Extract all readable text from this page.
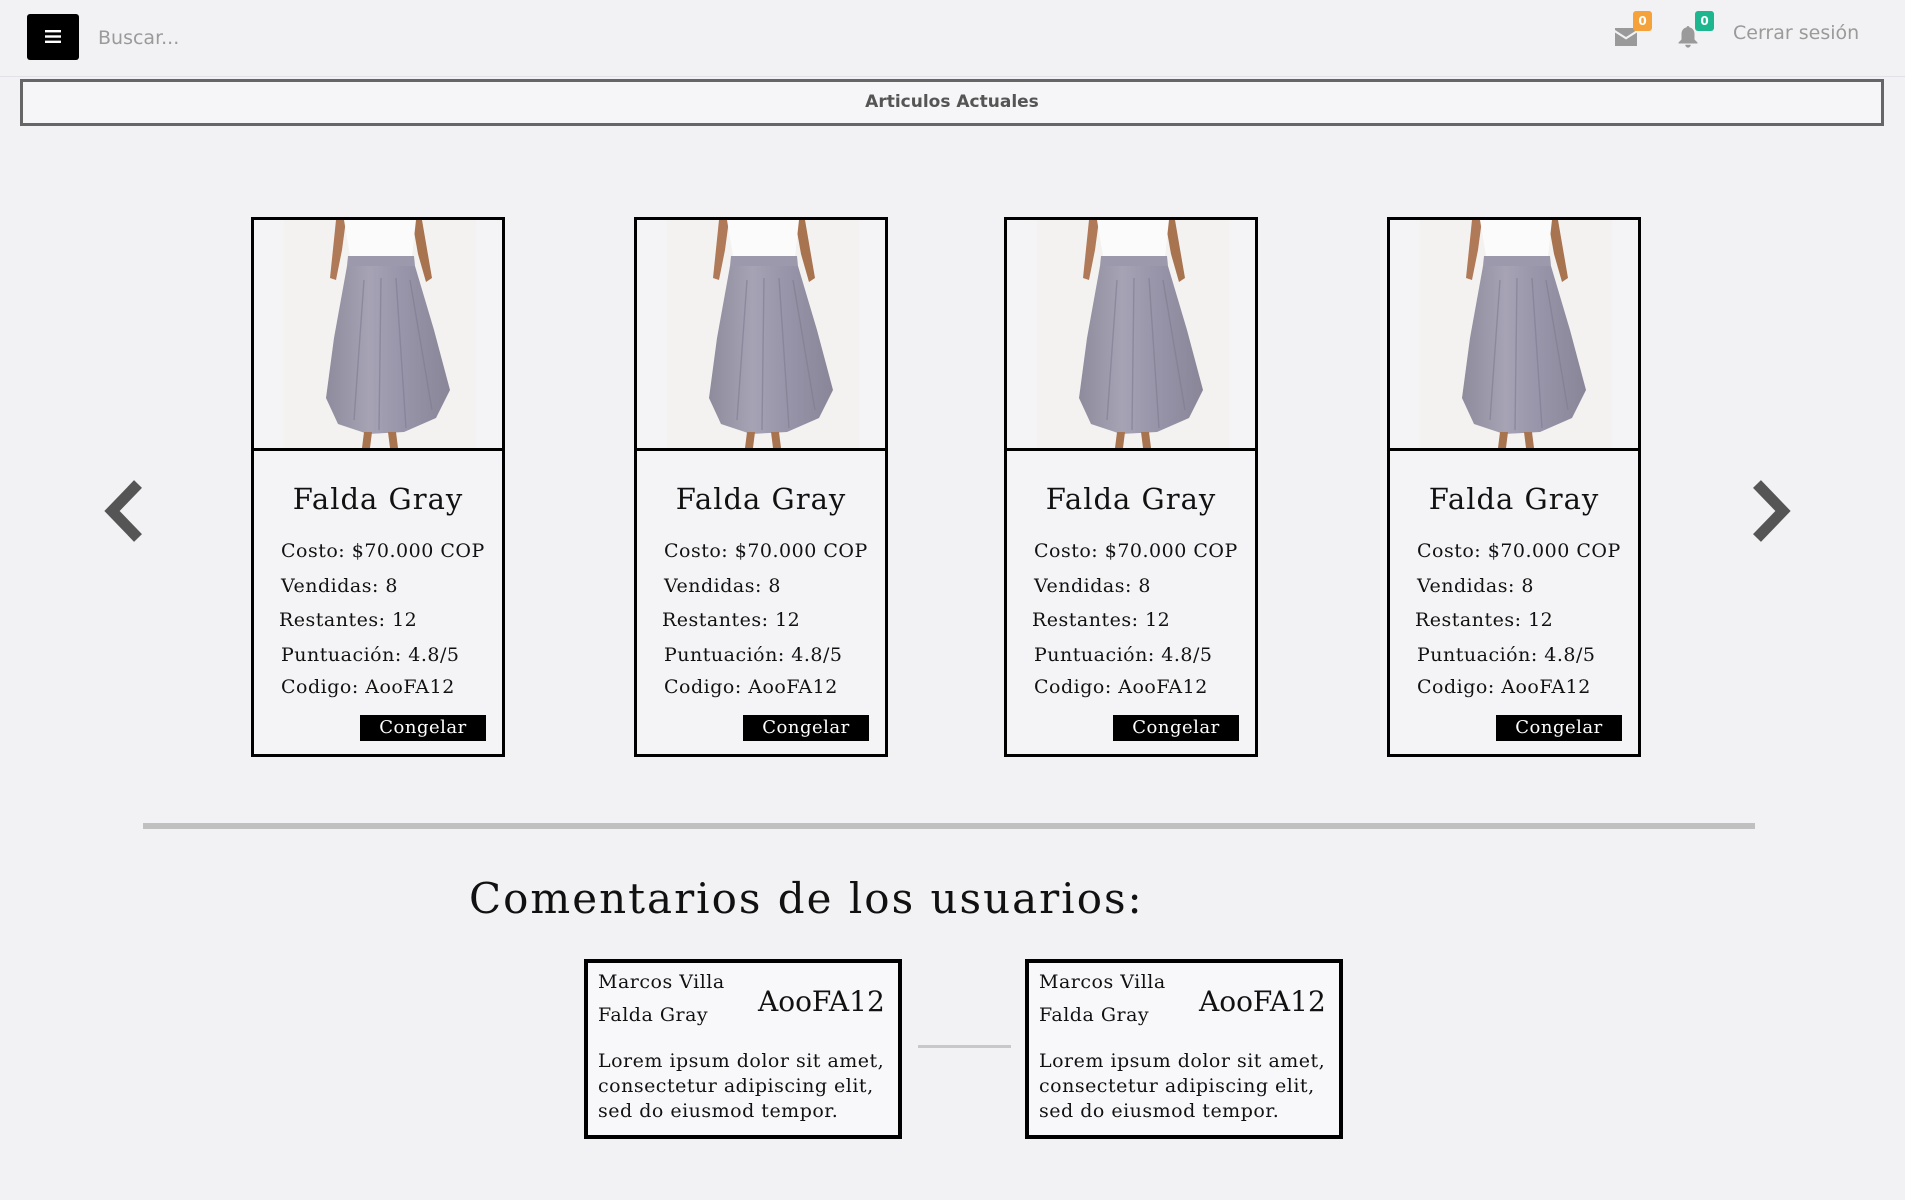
Buscar...
0	0
Cerrar sesión
Articulos Actuales
Falda Gray
Costo: $70.000 COP
Vendidas: 8
Restantes: 12
Puntuación: 4.8/5
Codigo: AooFA12
Congelar
Falda Gray
Costo: $70.000 COP
Vendidas: 8
Restantes: 12
Puntuación: 4.8/5
Codigo: AooFA12
Congelar
Falda Gray
Costo: $70.000 COP
Vendidas: 8
Restantes: 12
Puntuación: 4.8/5
Codigo: AooFA12
Congelar
Falda Gray
Costo: $70.000 COP
Vendidas: 8
Restantes: 12
Puntuación: 4.8/5
Codigo: AooFA12
Congelar
Comentarios de los usuarios:
Marcos Villa
Falda Gray AooFA12
Lorem ipsum dolor sit amet, consectetur adipiscing elit, sed do eiusmod tempor.
Marcos Villa
Falda Gray AooFA12
Lorem ipsum dolor sit amet, consectetur adipiscing elit, sed do eiusmod tempor.
